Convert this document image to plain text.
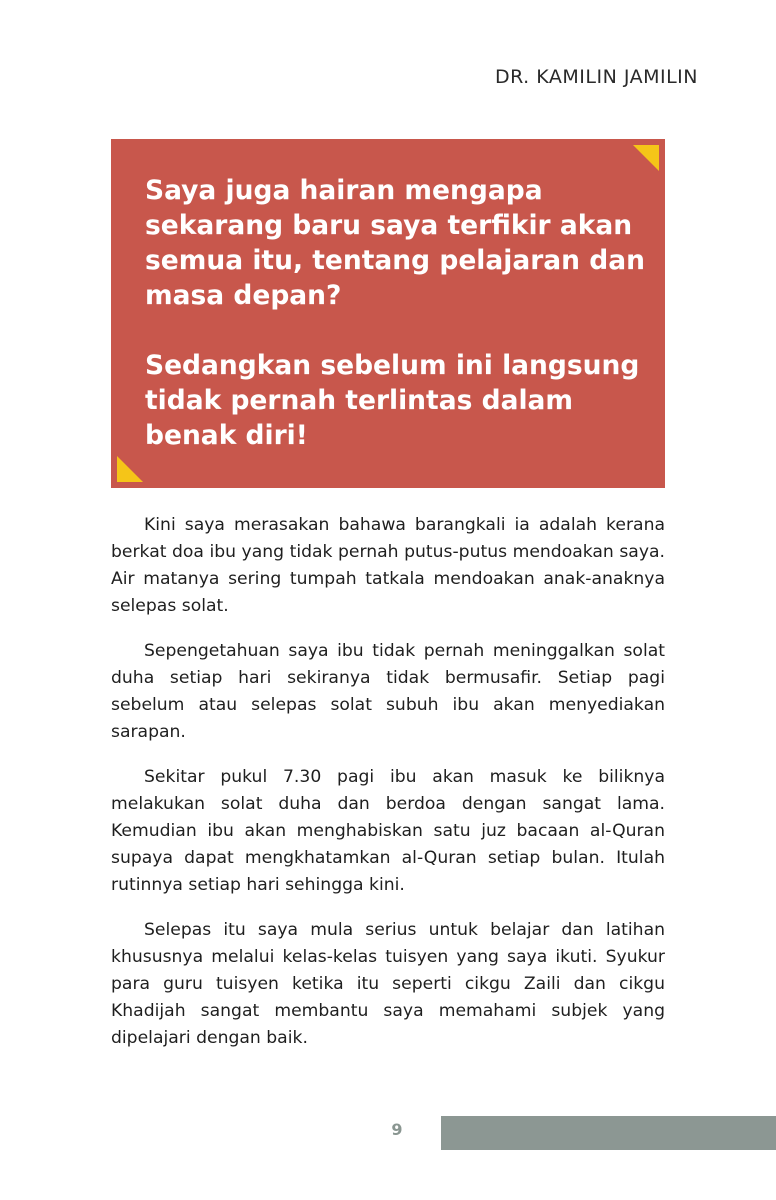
DR. KAMILIN JAMILIN

Saya juga hairan mengapa sekarang baru saya terfikir akan semua itu, tentang pelajaran dan masa depan?

Sedangkan sebelum ini langsung tidak pernah terlintas dalam benak diri!

Kini saya merasakan bahawa barangkali ia adalah kerana berkat doa ibu yang tidak pernah putus-putus mendoakan saya. Air matanya sering tumpah tatkala mendoakan anak-anaknya selepas solat.

Sepengetahuan saya ibu tidak pernah meninggalkan solat duha setiap hari sekiranya tidak bermusafir. Setiap pagi sebelum atau selepas solat subuh ibu akan menyediakan sarapan.

Sekitar pukul 7.30 pagi ibu akan masuk ke biliknya melakukan solat duha dan berdoa dengan sangat lama. Kemudian ibu akan menghabiskan satu juz bacaan al-Quran supaya dapat mengkhatamkan al-Quran setiap bulan. Itulah rutinnya setiap hari sehingga kini.

Selepas itu saya mula serius untuk belajar dan latihan khususnya melalui kelas-kelas tuisyen yang saya ikuti. Syukur para guru tuisyen ketika itu seperti cikgu Zaili dan cikgu Khadijah sangat membantu saya memahami subjek yang dipelajari dengan baik.

9
